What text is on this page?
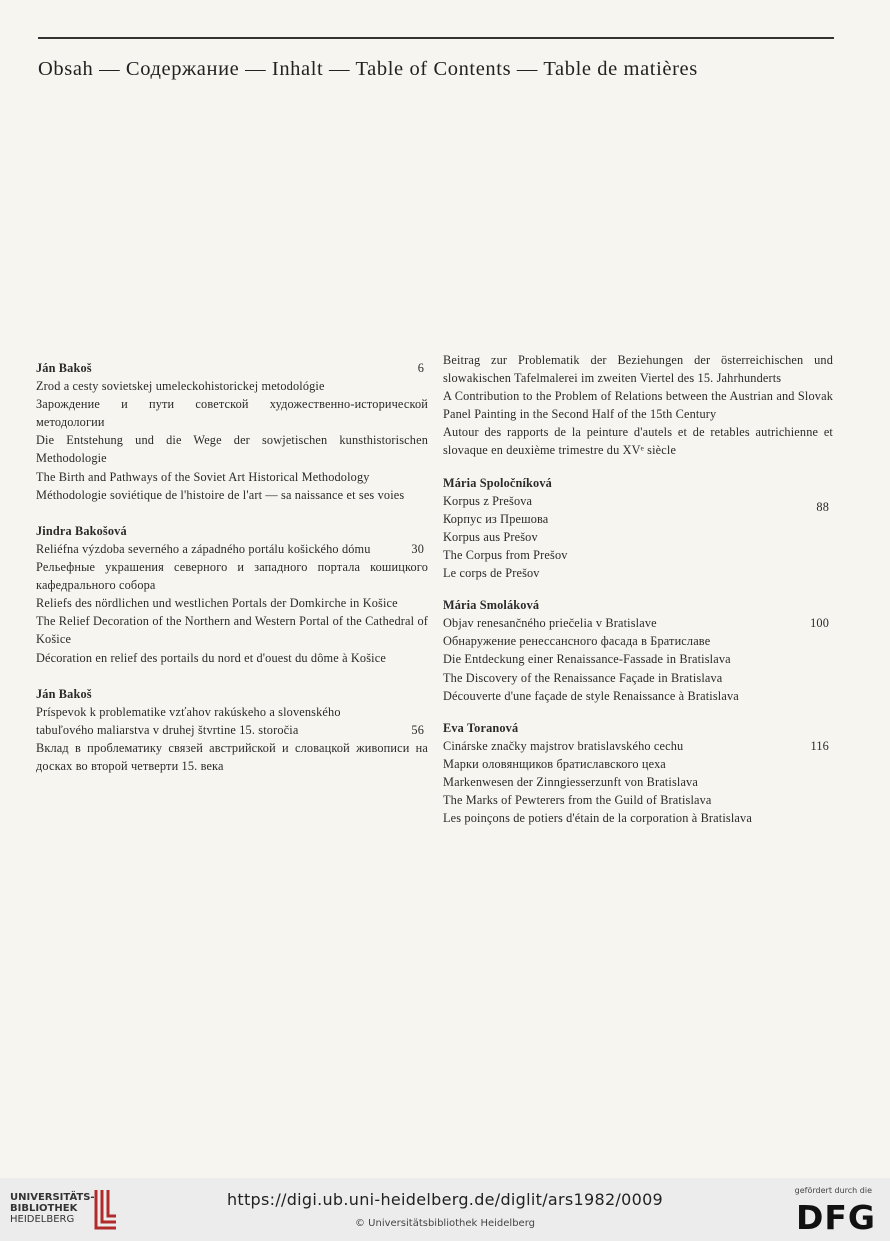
Obsah — Содержание — Inhalt — Table of Contents — Table de matières
Ján Bakoš	6
Zrod a cesty sovietskej umeleckohistorickej metodológie
Зарождение и пути советской художественно-исторической методологии
Die Entstehung und die Wege der sowjetischen kunsthistorischen Methodologie
The Birth and Pathways of the Soviet Art Historical Methodology
Méthodologie soviétique de l'histoire de l'art — sa naissance et ses voies
Jindra Bakošová
Reliéfna výzdoba severného a západného portálu košického dómu	30
Рельефные украшения северного и западного портала кошицкого кафедрального собора
Reliefs des nördlichen und westlichen Portals der Domkirche in Košice
The Relief Decoration of the Northern and Western Portal of the Cathedral of Košice
Décoration en relief des portails du nord et d'ouest du dôme à Košice
Ján Bakoš
Príspevok k problematike vzťahov rakúskeho a slovenského
tabuľového maliarstva v druhej štvrtine 15. storočia	56
Вклад в проблематику связей австрийской и словацкой живописи на досках во второй четверти 15. века
Beitrag zur Problematik der Beziehungen der österreichischen und slowakischen Tafelmalerei im zweiten Viertel des 15. Jahrhunderts
A Contribution to the Problem of Relations between the Austrian and Slovak Panel Painting in the Second Half of the 15th Century
Autour des rapports de la peinture d'autels et de retables autrichienne et slovaque en deuxième trimestre du XVᵉ siècle
Mária Spoločníková
Korpus z Prešova	88
Корпус из Прешова
Korpus aus Prešov
The Corpus from Prešov
Le corps de Prešov
Mária Smoláková
Objav renesančného priečelia v Bratislave	100
Обнаружение ренессансного фасада в Братиславе
Die Entdeckung einer Renaissance-Fassade in Bratislava
The Discovery of the Renaissance Façade in Bratislava
Découverte d'une façade de style Renaissance à Bratislava
Eva Toranová
Cinárske značky majstrov bratislavského cechu	116
Марки оловянщиков братиславского цеха
Markenwesen der Zinngiesserzunft von Bratislava
The Marks of Pewterers from the Guild of Bratislava
Les poinçons de potiers d'étain de la corporation à Bratislava
UNIVERSITÄTS-
BIBLIOTHEK
HEIDELBERG
https://digi.ub.uni-heidelberg.de/diglit/ars1982/0009
© Universitätsbibliothek Heidelberg
gefördert durch die
DFG
